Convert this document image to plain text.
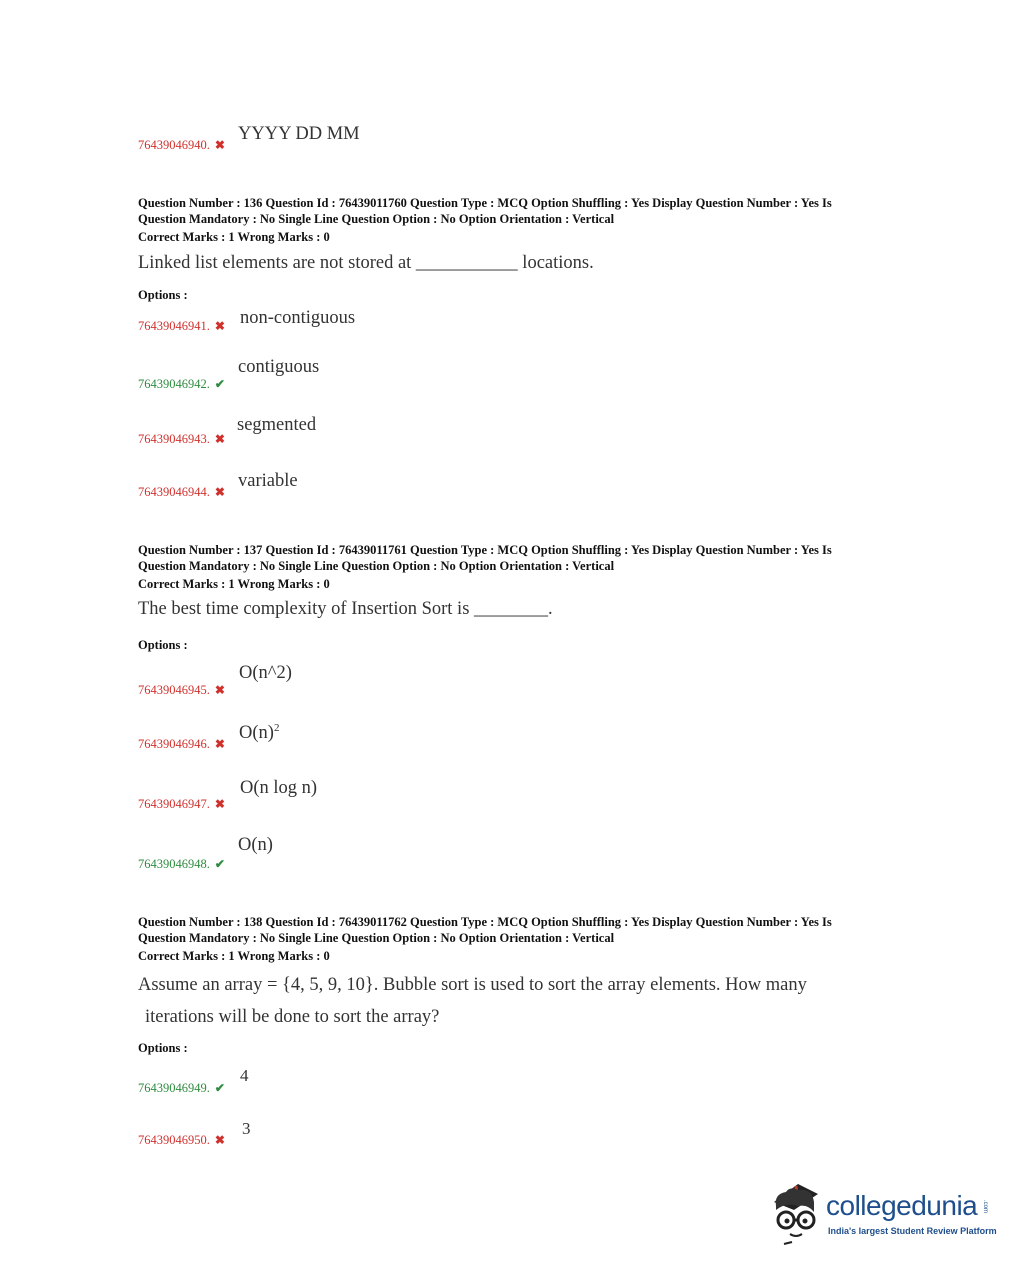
76439046940. ✖
YYYY DD MM
Question Number : 136 Question Id : 76439011760 Question Type : MCQ Option Shuffling : Yes Display Question Number : Yes Is
Question Mandatory : No Single Line Question Option : No Option Orientation : Vertical
Correct Marks : 1 Wrong Marks : 0
Linked list elements are not stored at ___________ locations.
Options :
76439046941. ✖ non-contiguous
76439046942. ✔
contiguous
76439046943. ✖
segmented
76439046944. ✖
variable
Question Number : 137 Question Id : 76439011761 Question Type : MCQ Option Shuffling : Yes Display Question Number : Yes Is
Question Mandatory : No Single Line Question Option : No Option Orientation : Vertical
Correct Marks : 1 Wrong Marks : 0
The best time complexity of Insertion Sort is ________.
Options :
76439046945. ✖
O(n^2)
76439046946. ✖
$O(n)^2$
76439046947. ✖
O(n log n)
76439046948. ✔
O(n)
Question Number : 138 Question Id : 76439011762 Question Type : MCQ Option Shuffling : Yes Display Question Number : Yes Is
Question Mandatory : No Single Line Question Option : No Option Orientation : Vertical
Correct Marks : 1 Wrong Marks : 0
Assume an array = {4, 5, 9, 10}. Bubble sort is used to sort the array elements. How many
iterations will be done to sort the array?
Options :
76439046949. ✔
4
76439046950. ✖
3
collegedunia .com
India's largest Student Review Platform
